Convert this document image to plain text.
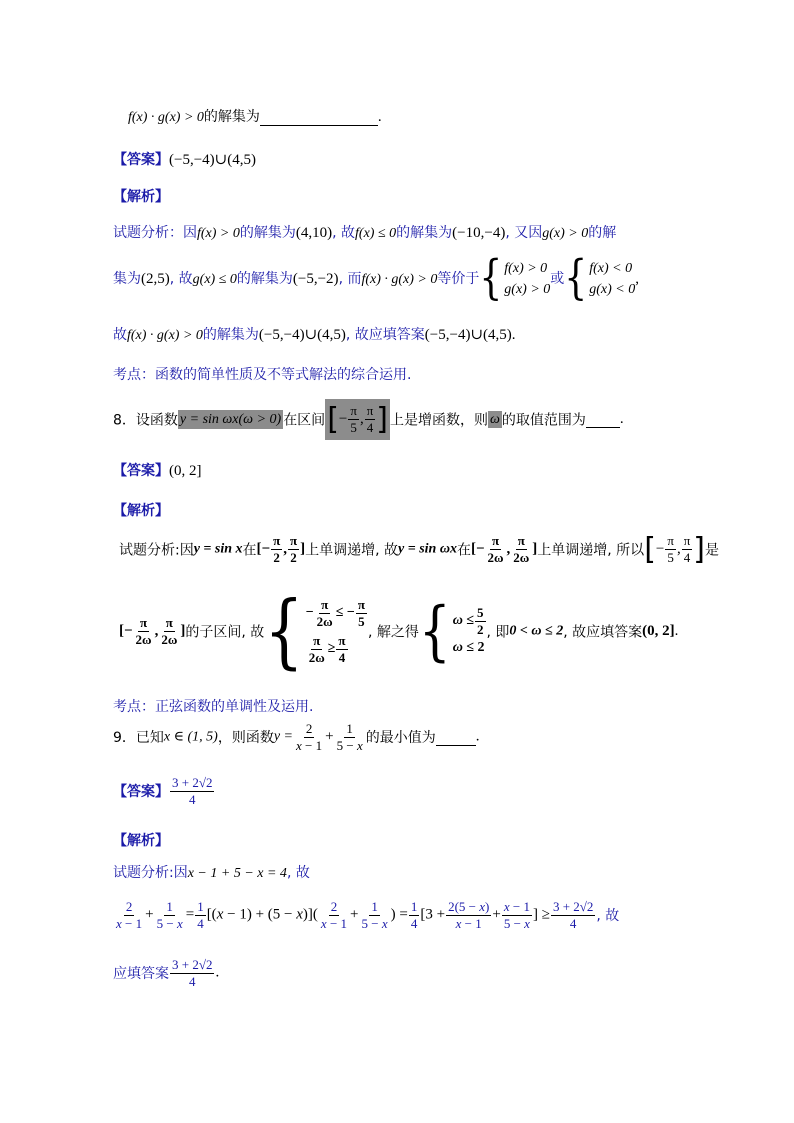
f(x) · g(x) > 0的解集为	.
【答案】(−5,−4)∪(4,5)
【解析】
试题分析：因f(x) > 0的解集为(4,10), 故f(x) ≤ 0的解集为(−10,−4), 又因g(x) > 0的解
集为(2,5), 故g(x) ≤ 0的解集为(−5,−2), 而f(x) · g(x) > 0等价于 { f(x) > 0
g(x) > 0
或 { f(x) < 0
g(x) < 0
,
故f(x) · g(x) > 0的解集为(−5,−4)∪(4,5), 故应填答案(−5,−4)∪(4,5).
考点：函数的简单性质及不等式解法的综合运用.
8．设函数 y = sin ωx(ω > 0) 在区间 [ − $\frac{\pi}{5}$ , $\frac{\pi}{4}$ ] 上是增函数，则 ω 的取值范围为 .
【答案】(0, 2]
【解析】
试题分析:因y = sin x在[− $\frac{\pi}{2}$ , $\frac{\pi}{2}$ ]上单调递增, 故y = sin ωx在[− $\frac{\pi}{2\omega}$ , $\frac{\pi}{2\omega}$ ]上单调递增, 所以[− $\frac{\pi}{5}$ , $\frac{\pi}{4}$ ]是
[− $\frac{\pi}{2\omega}$ , $\frac{\pi}{2\omega}$ ]的子区间, 故 { − $\frac{\pi}{2\omega}$ ≤ − $\frac{\pi}{5}$
$\frac{\pi}{2\omega} \ge \frac{\pi}{4}$
, 解之得 { $\omega \le \frac{5}{2}$
ω ≤ 2
, 即0 < ω ≤ 2, 故应填答案(0, 2].
考点：正弦函数的单调性及运用.
9．已知x ∈ (1, 5)，则函数$y = \frac{2}{x - 1} + \frac{1}{5 - x}$ 的最小值为	.
【答案】 $\frac{3 + 2√2}{4}$
【解析】
试题分析:因x − 1 + 5 − x = 4, 故
$\frac{2}{x - 1} + \frac{1}{5 - x} = \frac{1}{4} [(x - 1) + (5 - x)]( \frac{2}{x - 1} + \frac{1}{5 - x}$ ) = $\frac{1}{4} [3 + \frac{2(5 - x)}{x - 1} + \frac{x - 1}{5 - x}$ ] ≥ $\frac{3 + 2√2}{4}$ , 故
应填答案 $\frac{3 + 2√2}{4}$ .
